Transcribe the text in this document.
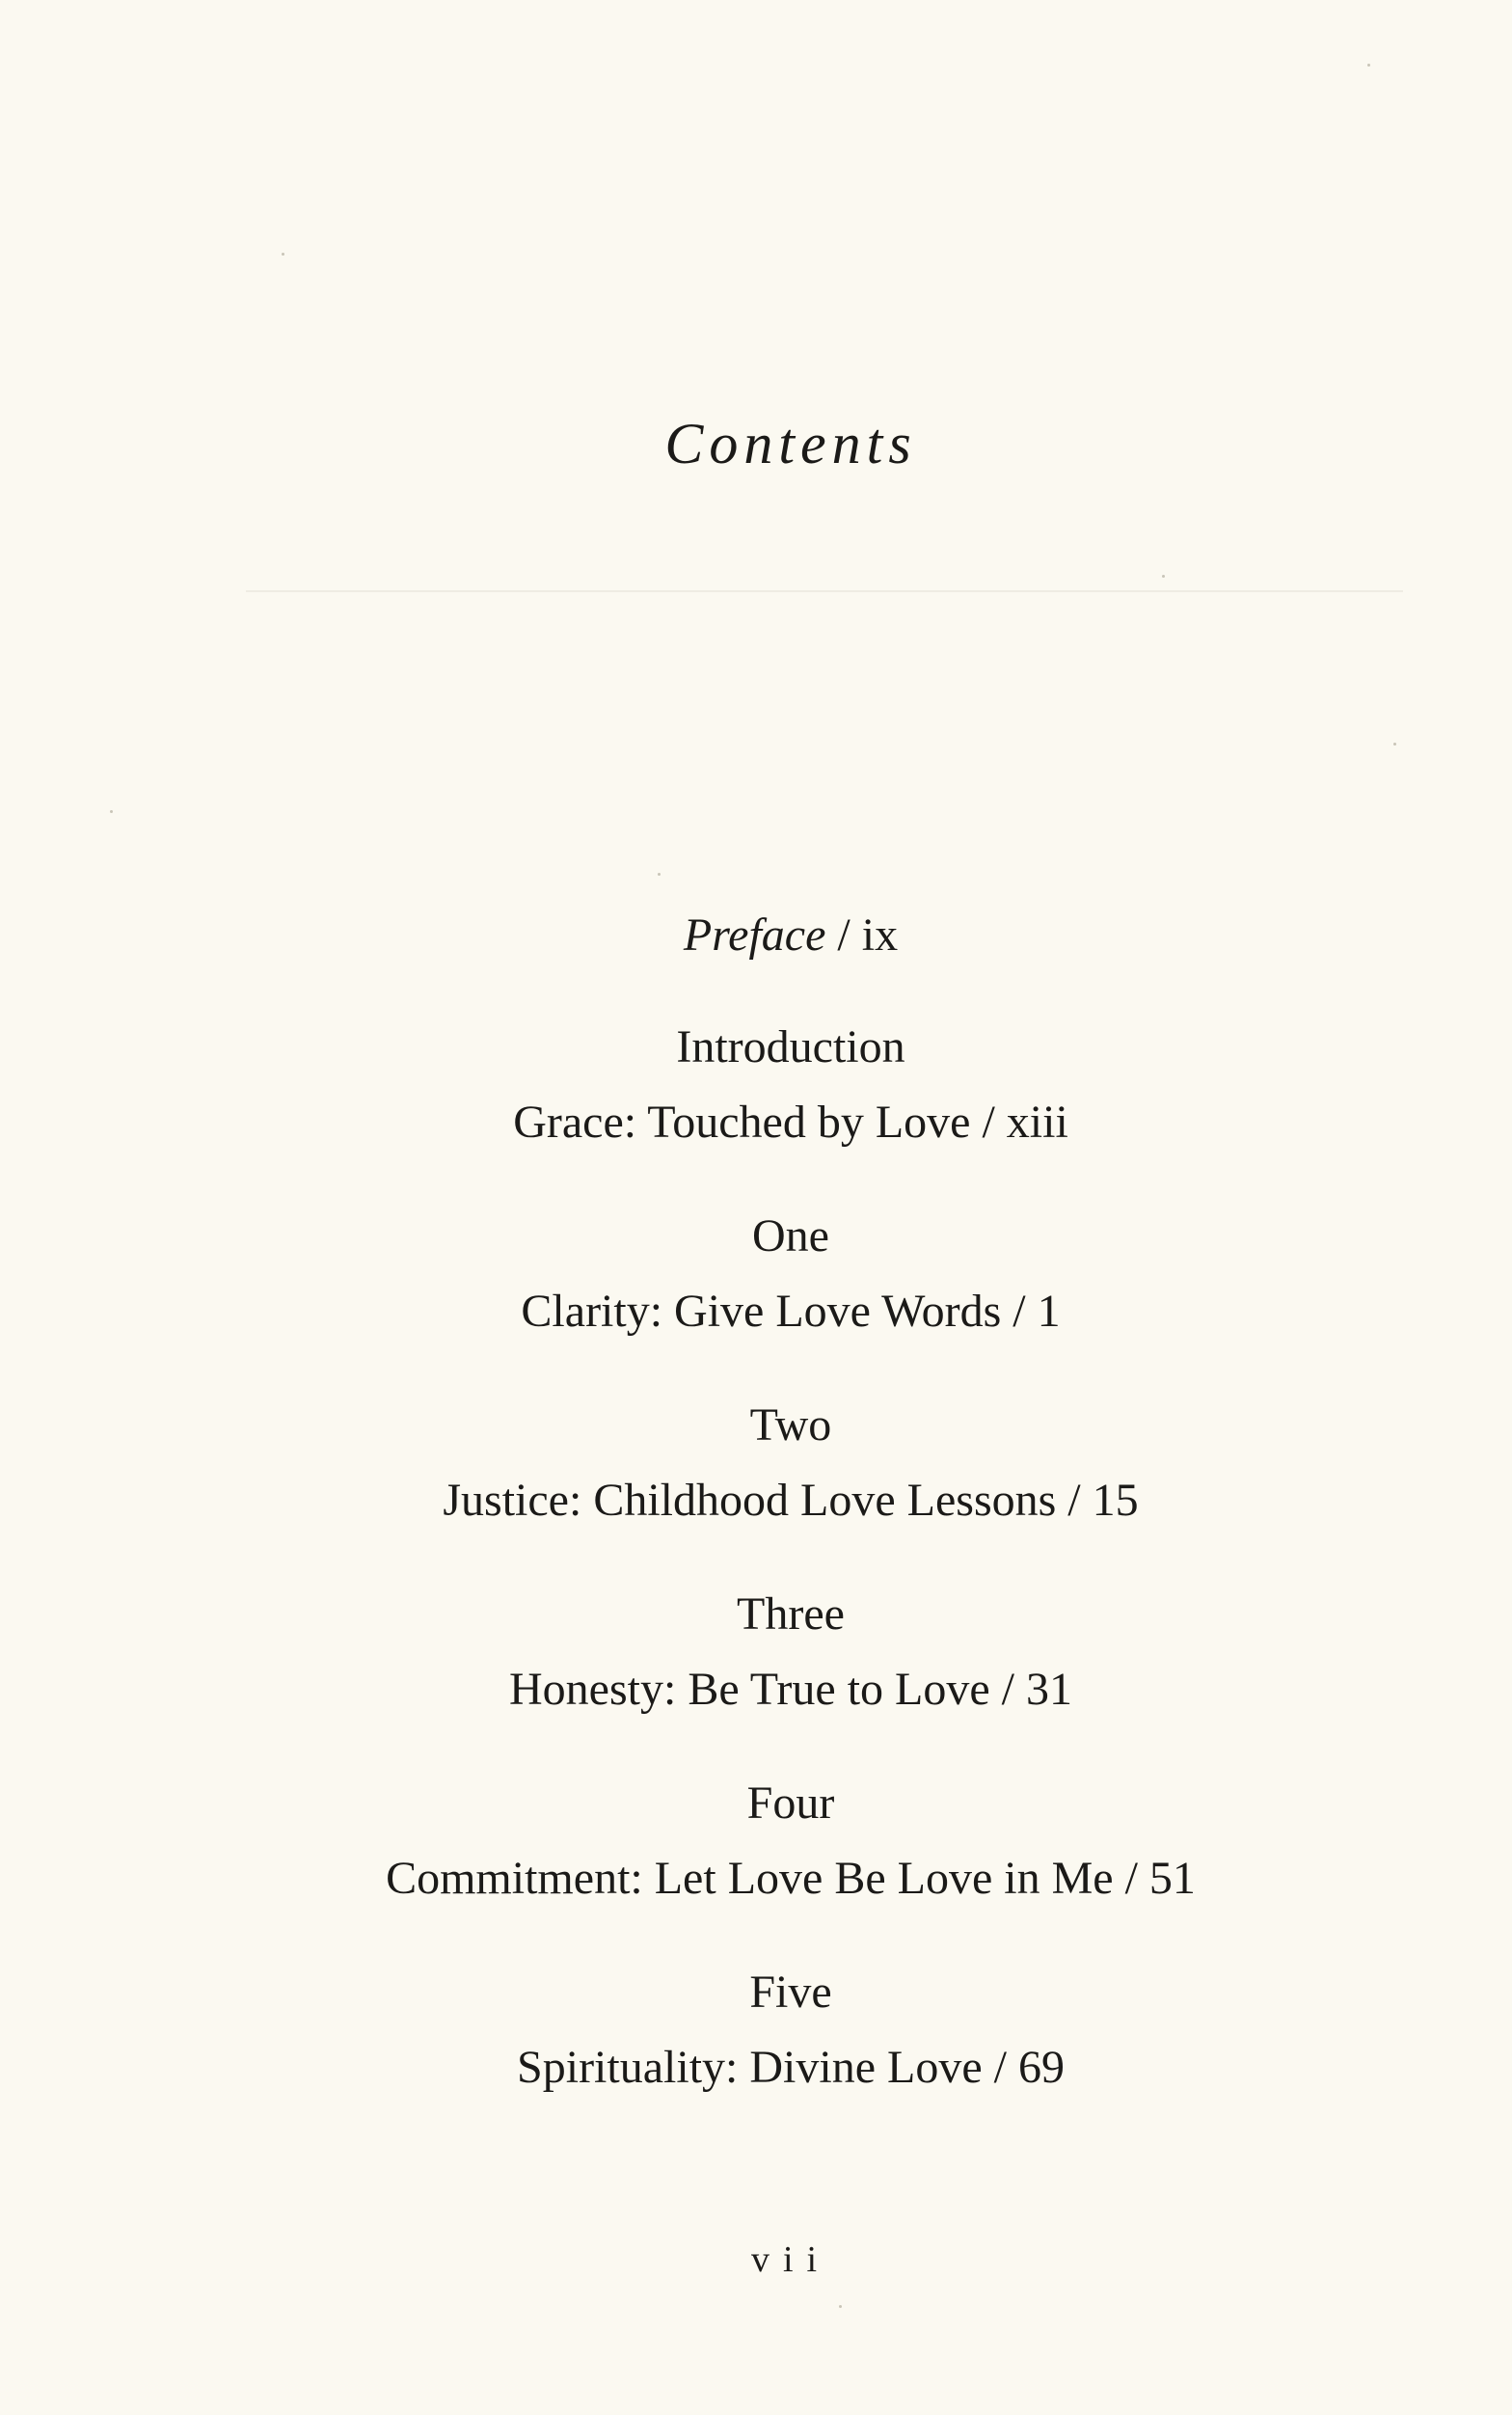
Contents
Preface / ix
Introduction
Grace: Touched by Love / xiii
One
Clarity: Give Love Words / 1
Two
Justice: Childhood Love Lessons / 15
Three
Honesty: Be True to Love / 31
Four
Commitment: Let Love Be Love in Me / 51
Five
Spirituality: Divine Love / 69
vii
